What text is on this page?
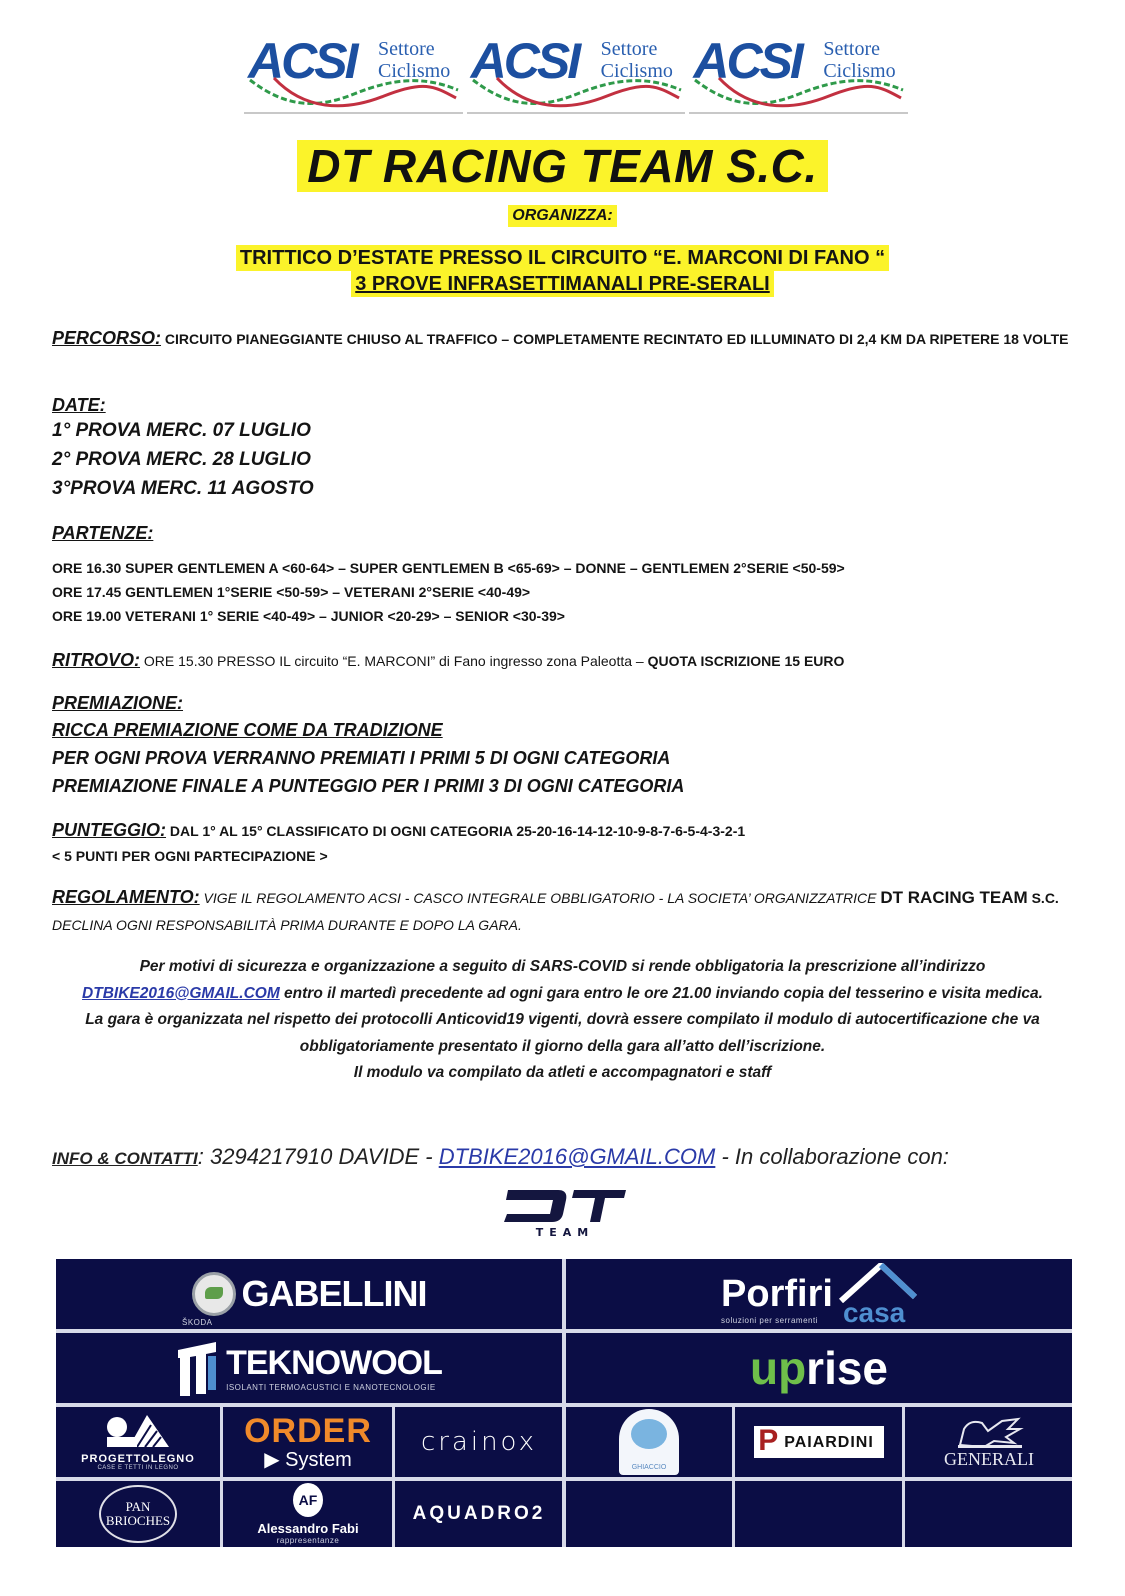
ACSI Settore
Ciclismo ACSI Settore
Ciclismo ACSI Settore
Ciclismo
DT RACING TEAM S.C.
ORGANIZZA:
TRITTICO D’ESTATE PRESSO IL CIRCUITO “E. MARCONI DI FANO “
3 PROVE INFRASETTIMANALI PRE-SERALI
PERCORSO: CIRCUITO PIANEGGIANTE CHIUSO AL TRAFFICO – COMPLETAMENTE RECINTATO ED ILLUMINATO DI 2,4 KM DA RIPETERE 18 VOLTE
DATE:
1° PROVA MERC. 07 LUGLIO
2° PROVA MERC. 28 LUGLIO
3°PROVA MERC. 11 AGOSTO
PARTENZE:
ORE 16.30 SUPER GENTLEMEN A <60-64> – SUPER GENTLEMEN B <65-69> – DONNE – GENTLEMEN 2°SERIE <50-59>
ORE 17.45 GENTLEMEN 1°SERIE <50-59> – VETERANI 2°SERIE <40-49>
ORE 19.00 VETERANI 1° SERIE <40-49> – JUNIOR <20-29> – SENIOR <30-39>
RITROVO: ORE 15.30 PRESSO IL circuito “E. MARCONI” di Fano ingresso zona Paleotta – QUOTA ISCRIZIONE 15 EURO
PREMIAZIONE:
RICCA PREMIAZIONE COME DA TRADIZIONE
PER OGNI PROVA VERRANNO PREMIATI I PRIMI 5 DI OGNI CATEGORIA
PREMIAZIONE FINALE A PUNTEGGIO PER I PRIMI 3 DI OGNI CATEGORIA
PUNTEGGIO: DAL 1° AL 15° CLASSIFICATO DI OGNI CATEGORIA 25-20-16-14-12-10-9-8-7-6-5-4-3-2-1
< 5 PUNTI PER OGNI PARTECIPAZIONE >
REGOLAMENTO: VIGE IL REGOLAMENTO ACSI - CASCO INTEGRALE OBBLIGATORIO - LA SOCIETA’ ORGANIZZATRICE DT RACING TEAM S.C. DECLINA OGNI RESPONSABILITÀ PRIMA DURANTE E DOPO LA GARA.
Per motivi di sicurezza e organizzazione a seguito di SARS-COVID si rende obbligatoria la prescrizione all’indirizzo
DTBIKE2016@GMAIL.COM entro il martedì precedente ad ogni gara entro le ore 21.00 inviando copia del tesserino e visita medica.
La gara è organizzata nel rispetto dei protocolli Anticovid19 vigenti, dovrà essere compilato il modulo di autocertificazione che va obbligatoriamente presentato il giorno della gara all’atto dell’iscrizione.
Il modulo va compilato da atleti e accompagnatori e staff
INFO & CONTATTI: 3294217910 DAVIDE - DTBIKE2016@GMAIL.COM - In collaborazione con:
TEAM
GABELLINI
ŠKODA
Porfiri
soluzioni per serramenti casa
TEKNOWOOL
ISOLANTI TERMOACUSTICI E NANOTECNOLOGIE	uprise
PROGETTOLEGNO
CASE E TETTI IN LEGNO
ORDER
▶ System
crainox
GHIACCIO
P PAIARDINI
GENERALI
PAN
BRIOCHES
AF
Alessandro Fabi
rappresentanze
AQUADRO2
